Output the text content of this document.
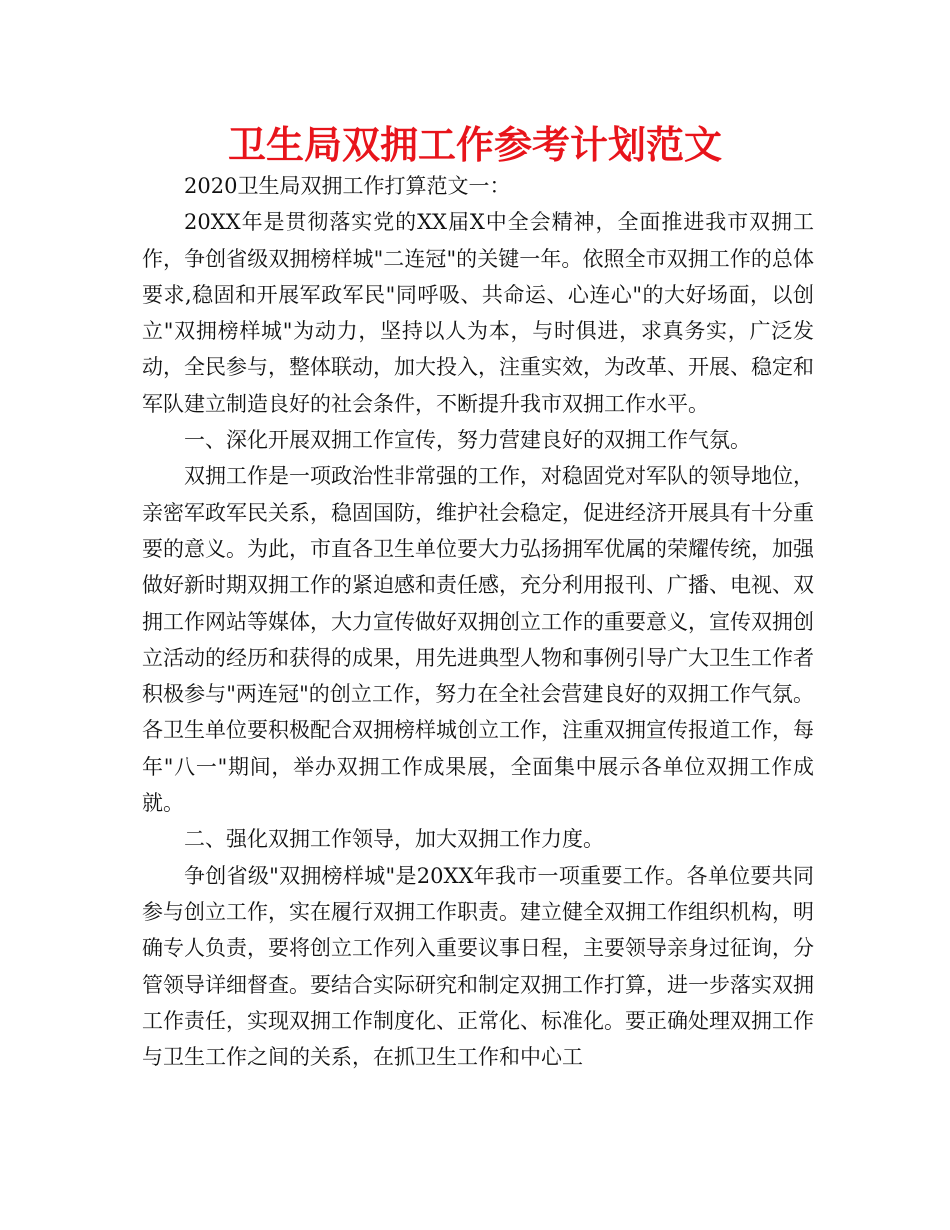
卫生局双拥工作参考计划范文

2020卫生局双拥工作打算范文一：

20XX年是贯彻落实党的XX届X中全会精神，全面推进我市双拥工作，争创省级双拥榜样城"二连冠"的关键一年。依照全市双拥工作的总体要求,稳固和开展军政军民"同呼吸、共命运、心连心"的大好场面，以创立"双拥榜样城"为动力，坚持以人为本，与时俱进，求真务实，广泛发动，全民参与，整体联动，加大投入，注重实效，为改革、开展、稳定和军队建立制造良好的社会条件，不断提升我市双拥工作水平。

一、深化开展双拥工作宣传，努力营建良好的双拥工作气氛。

双拥工作是一项政治性非常强的工作，对稳固党对军队的领导地位，亲密军政军民关系，稳固国防，维护社会稳定，促进经济开展具有十分重要的意义。为此，市直各卫生单位要大力弘扬拥军优属的荣耀传统，加强做好新时期双拥工作的紧迫感和责任感，充分利用报刊、广播、电视、双拥工作网站等媒体，大力宣传做好双拥创立工作的重要意义，宣传双拥创立活动的经历和获得的成果，用先进典型人物和事例引导广大卫生工作者积极参与"两连冠"的创立工作，努力在全社会营建良好的双拥工作气氛。各卫生单位要积极配合双拥榜样城创立工作，注重双拥宣传报道工作，每年"八一"期间，举办双拥工作成果展，全面集中展示各单位双拥工作成就。

二、强化双拥工作领导，加大双拥工作力度。

争创省级"双拥榜样城"是20XX年我市一项重要工作。各单位要共同参与创立工作，实在履行双拥工作职责。建立健全双拥工作组织机构，明确专人负责，要将创立工作列入重要议事日程，主要领导亲身过征询，分管领导详细督查。要结合实际研究和制定双拥工作打算，进一步落实双拥工作责任，实现双拥工作制度化、正常化、标准化。要正确处理双拥工作与卫生工作之间的关系，在抓卫生工作和中心工
